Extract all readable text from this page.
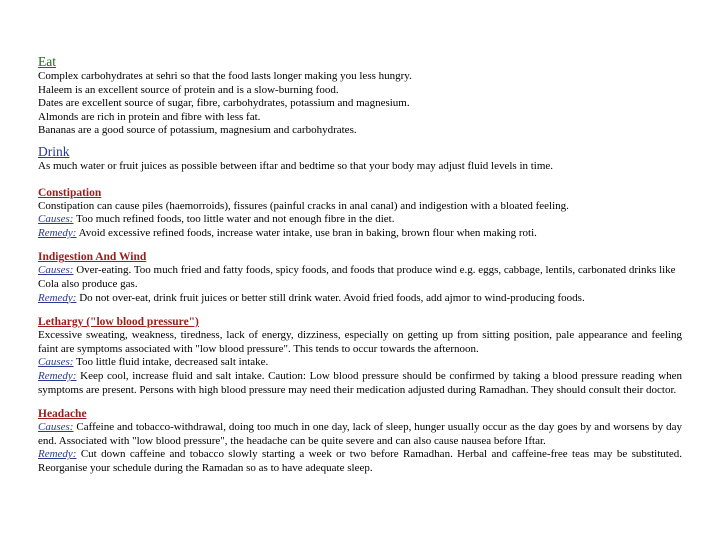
Eat

Complex carbohydrates at sehri so that the food lasts longer making you less hungry.

Haleem is an excellent source of protein and is a slow-burning food.

Dates are excellent source of sugar, fibre, carbohydrates, potassium and magnesium.

Almonds are rich in protein and fibre with less fat.

Bananas are a good source of potassium, magnesium and carbohydrates.

Drink

As much water or fruit juices as possible between iftar and bedtime so that your body may adjust fluid levels in time.

Constipation

Constipation can cause piles (haemorroids), fissures (painful cracks in anal canal) and indigestion with a bloated feeling.

Causes: Too much refined foods, too little water and not enough fibre in the diet.

Remedy: Avoid excessive refined foods, increase water intake, use bran in baking, brown flour when making roti.

Indigestion And Wind

Causes: Over-eating. Too much fried and fatty foods, spicy foods, and foods that produce wind e.g. eggs, cabbage, lentils, carbonated drinks like Cola also produce gas.

Remedy: Do not over-eat, drink fruit juices or better still drink water. Avoid fried foods, add ajmor to wind-producing foods.

Lethargy ("low blood pressure")

Excessive sweating, weakness, tiredness, lack of energy, dizziness, especially on getting up from sitting position, pale appearance and feeling faint are symptoms associated with "low blood pressure". This tends to occur towards the afternoon.

Causes: Too little fluid intake, decreased salt intake.

Remedy: Keep cool, increase fluid and salt intake. Caution: Low blood pressure should be confirmed by taking a blood pressure reading when symptoms are present. Persons with high blood pressure may need their medication adjusted during Ramadhan. They should consult their doctor.

Headache

Causes: Caffeine and tobacco-withdrawal, doing too much in one day, lack of sleep, hunger usually occur as the day goes by and worsens by day end. Associated with "low blood pressure", the headache can be quite severe and can also cause nausea before Iftar.

Remedy: Cut down caffeine and tobacco slowly starting a week or two before Ramadhan. Herbal and caffeine-free teas may be substituted. Reorganise your schedule during the Ramadan so as to have adequate sleep.
